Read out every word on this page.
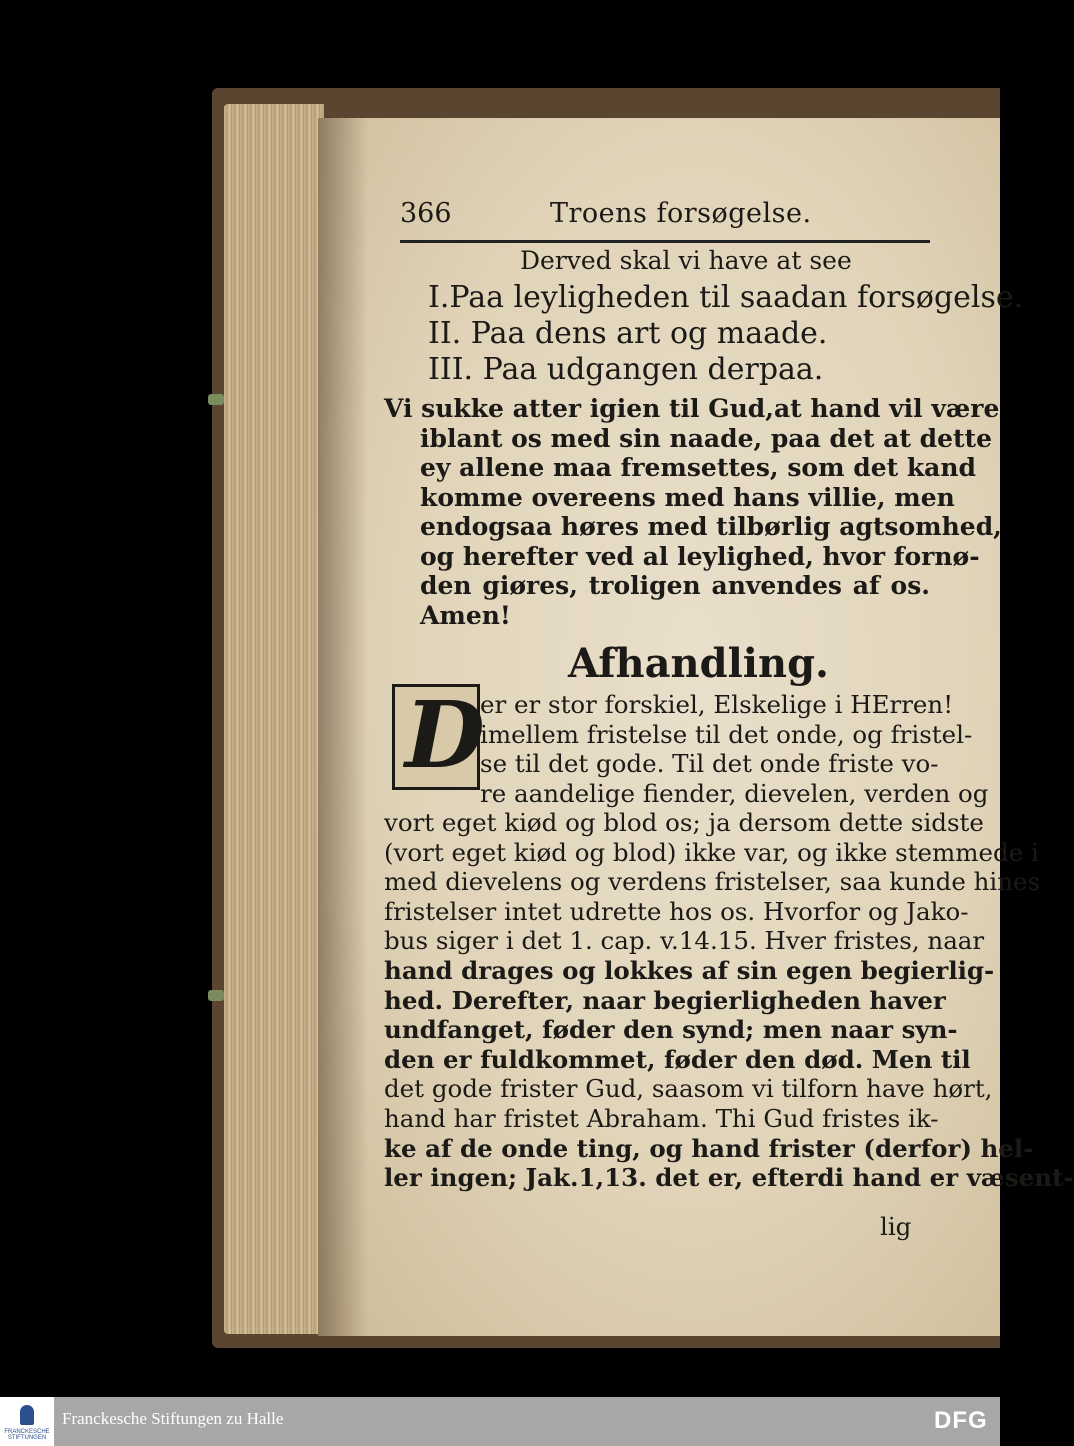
366	Troens forsøgelse.
Derved skal vi have at see
I.Paa leyligheden til saadan forsøgelse.
II. Paa dens art og maade.
III. Paa udgangen derpaa.
Vi sukke atter igien til Gud,at hand vil være
iblant os med sin naade, paa det at dette
ey allene maa fremsettes, som det kand
komme overeens med hans villie, men
endogsaa høres med tilbørlig agtsomhed,
og herefter ved al leylighed, hvor fornø-
den giøres, troligen anvendes af os.
Amen!
Afhandling.
D
er er stor forskiel, Elskelige i HErren!
imellem fristelse til det onde, og fristel-
se til det gode. Til det onde friste vo-
re aandelige fiender, dievelen, verden og
vort eget kiød og blod os; ja dersom dette sidste
(vort eget kiød og blod) ikke var, og ikke stemmede i
med dievelens og verdens fristelser, saa kunde hines
fristelser intet udrette hos os. Hvorfor og Jako-
bus siger i det 1. cap. v.14.15. Hver fristes, naar
hand drages og lokkes af sin egen begierlig-
hed. Derefter, naar begierligheden haver
undfanget, føder den synd; men naar syn-
den er fuldkommet, føder den død. Men til
det gode frister Gud, saasom vi tilforn have hørt,
hand har fristet Abraham. Thi Gud fristes ik-
ke af de onde ting, og hand frister (derfor) hel-
ler ingen; Jak.1,13. det er, efterdi hand er væsent-
lig
FRANCKESCHE STIFTUNGEN
Franckesche Stiftungen zu Halle	DFG
